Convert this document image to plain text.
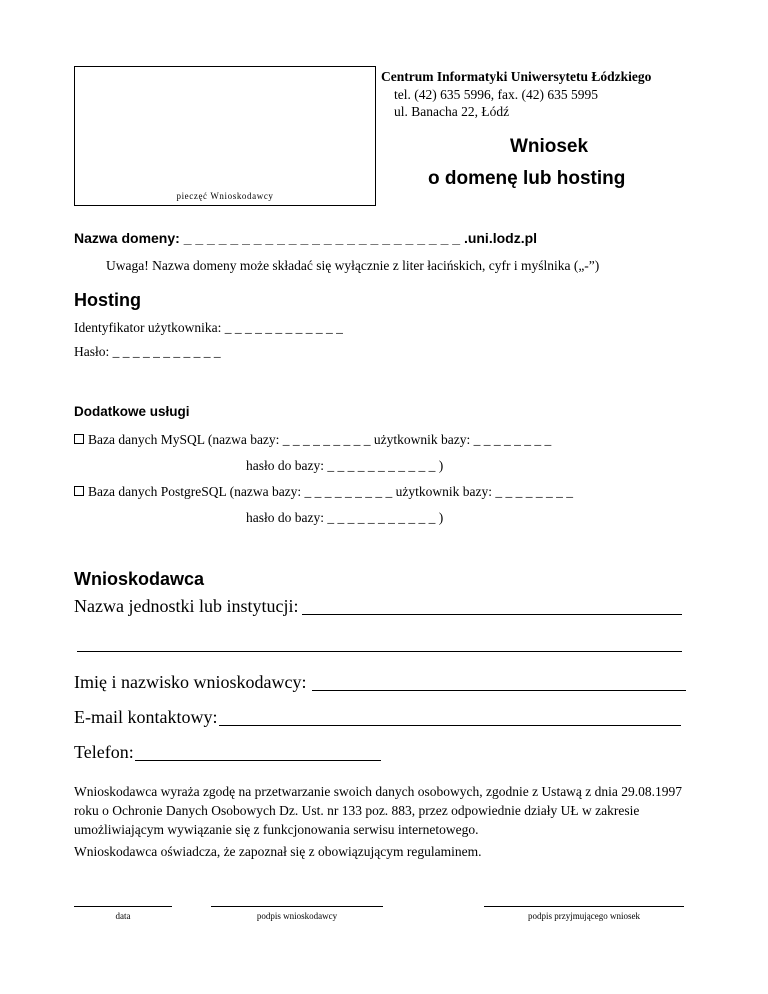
pieczęć Wnioskodawcy
Centrum Informatyki Uniwersytetu Łódzkiego
tel. (42) 635 5996, fax. (42) 635 5995
ul. Banacha 22, Łódź
Wniosek
o domenę lub hosting
Nazwa domeny: _ _ _ _ _ _ _ _ _ _ _ _ _ _ _ _ _ _ _ _ _ _ _ _ .uni.lodz.pl
Uwaga! Nazwa domeny może składać się wyłącznie z liter łacińskich, cyfr i myślnika („-”)
Hosting
Identyfikator użytkownika: _ _ _ _ _ _ _ _ _ _ _ _
Hasło: _ _ _ _ _ _ _ _ _ _ _
Dodatkowe usługi
Baza danych MySQL (nazwa bazy: _ _ _ _ _ _ _ _ _ użytkownik bazy: _ _ _ _ _ _ _ _
hasło do bazy: _ _ _ _ _ _ _ _ _ _ _ )
Baza danych PostgreSQL (nazwa bazy: _ _ _ _ _ _ _ _ _ użytkownik bazy: _ _ _ _ _ _ _ _
hasło do bazy: _ _ _ _ _ _ _ _ _ _ _ )
Wnioskodawca
Nazwa jednostki lub instytucji:
Imię i nazwisko wnioskodawcy:
E-mail kontaktowy:
Telefon:
Wnioskodawca wyraża zgodę na przetwarzanie swoich danych osobowych, zgodnie z Ustawą z dnia 29.08.1997 roku o Ochronie Danych Osobowych Dz. Ust. nr 133 poz. 883, przez odpowiednie działy UŁ w zakresie umożliwiającym wywiązanie się z funkcjonowania serwisu internetowego.
Wnioskodawca oświadcza, że zapoznał się z obowiązującym regulaminem.
data	podpis wnioskodawcy	podpis przyjmującego wniosek
